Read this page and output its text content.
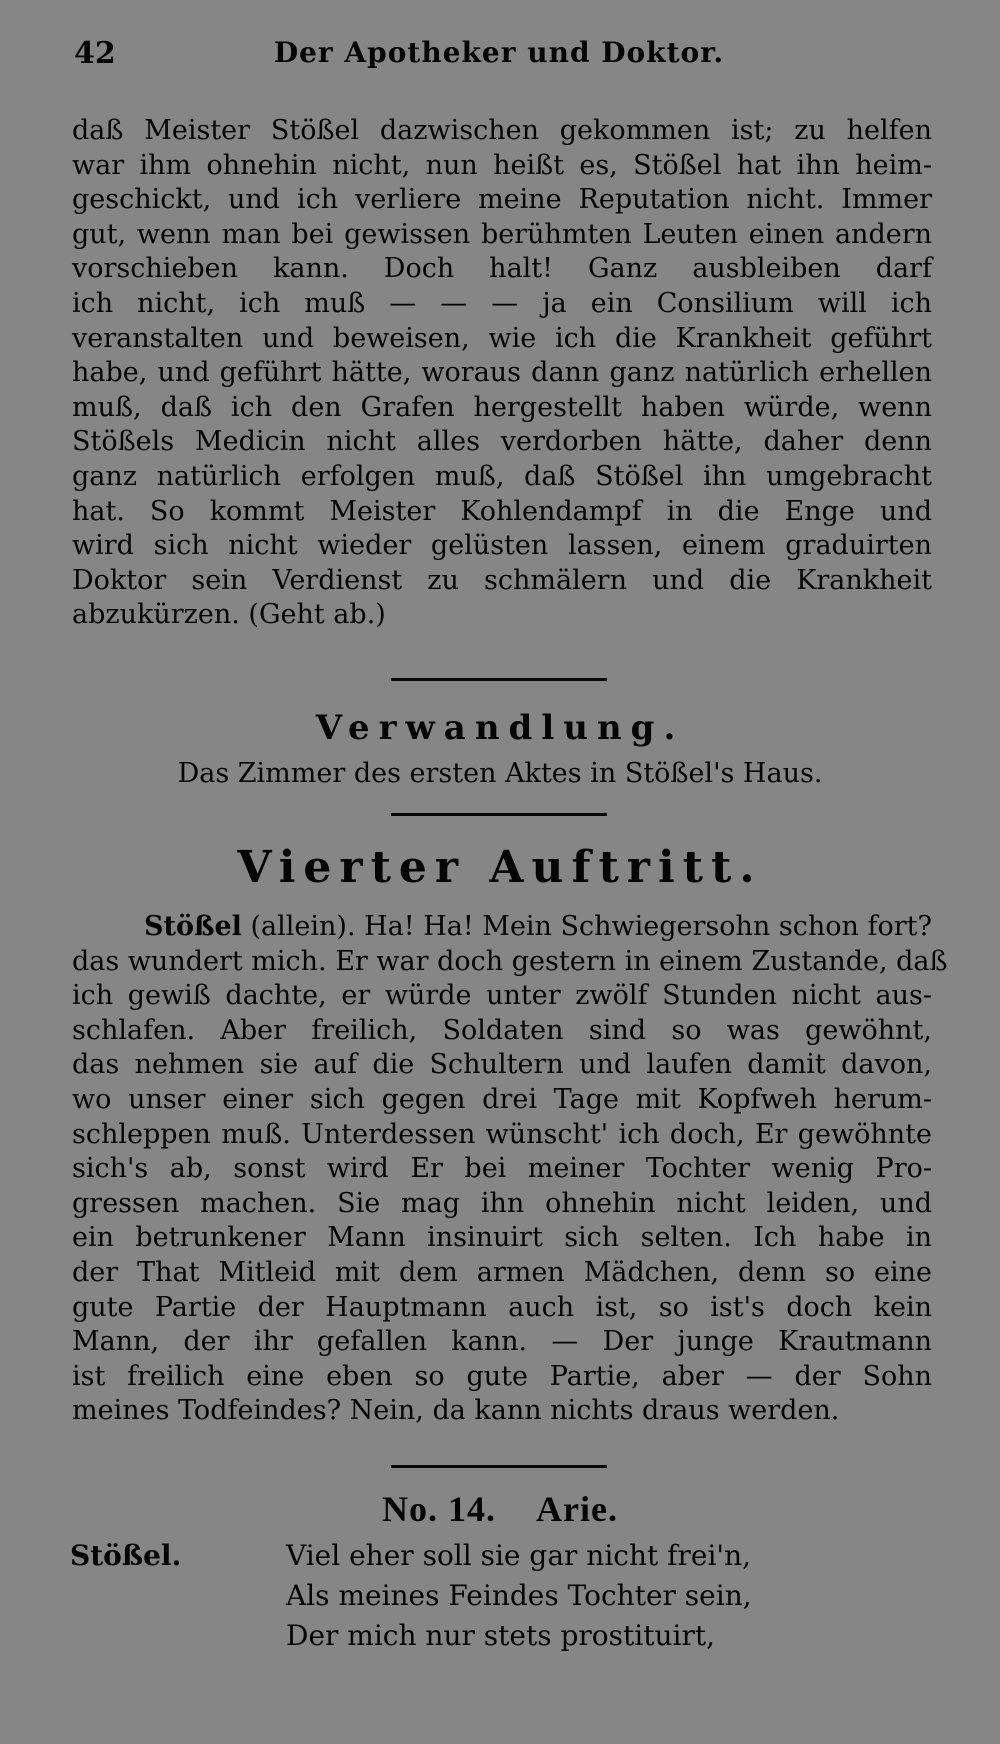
42	Der Apotheker und Doktor.
daß Meister Stößel dazwischen gekommen ist; zu helfen
war ihm ohnehin nicht, nun heißt es, Stößel hat ihn heim-
geschickt, und ich verliere meine Reputation nicht. Immer
gut, wenn man bei gewissen berühmten Leuten einen andern
vorschieben kann. Doch halt! Ganz ausbleiben darf
ich nicht, ich muß — — — ja ein Consilium will ich
veranstalten und beweisen, wie ich die Krankheit geführt
habe, und geführt hätte, woraus dann ganz natürlich erhellen
muß, daß ich den Grafen hergestellt haben würde, wenn
Stößels Medicin nicht alles verdorben hätte, daher denn
ganz natürlich erfolgen muß, daß Stößel ihn umgebracht
hat. So kommt Meister Kohlendampf in die Enge und
wird sich nicht wieder gelüsten lassen, einem graduirten
Doktor sein Verdienst zu schmälern und die Krankheit
abzukürzen. (Geht ab.)

Verwandlung.

Das Zimmer des ersten Aktes in Stößel's Haus.

Vierter Auftritt.

Stößel (allein). Ha! Ha! Mein Schwiegersohn schon fort?
das wundert mich. Er war doch gestern in einem Zustande, daß
ich gewiß dachte, er würde unter zwölf Stunden nicht aus-
schlafen. Aber freilich, Soldaten sind so was gewöhnt,
das nehmen sie auf die Schultern und laufen damit davon,
wo unser einer sich gegen drei Tage mit Kopfweh herum-
schleppen muß. Unterdessen wünscht' ich doch, Er gewöhnte
sich's ab, sonst wird Er bei meiner Tochter wenig Pro-
gressen machen. Sie mag ihn ohnehin nicht leiden, und
ein betrunkener Mann insinuirt sich selten. Ich habe in
der That Mitleid mit dem armen Mädchen, denn so eine
gute Partie der Hauptmann auch ist, so ist's doch kein
Mann, der ihr gefallen kann. — Der junge Krautmann
ist freilich eine eben so gute Partie, aber — der Sohn
meines Todfeindes? Nein, da kann nichts draus werden.

No. 14. Arie.

Stößel.	Viel eher soll sie gar nicht frei'n,
Als meines Feindes Tochter sein,
Der mich nur stets prostituirt,
